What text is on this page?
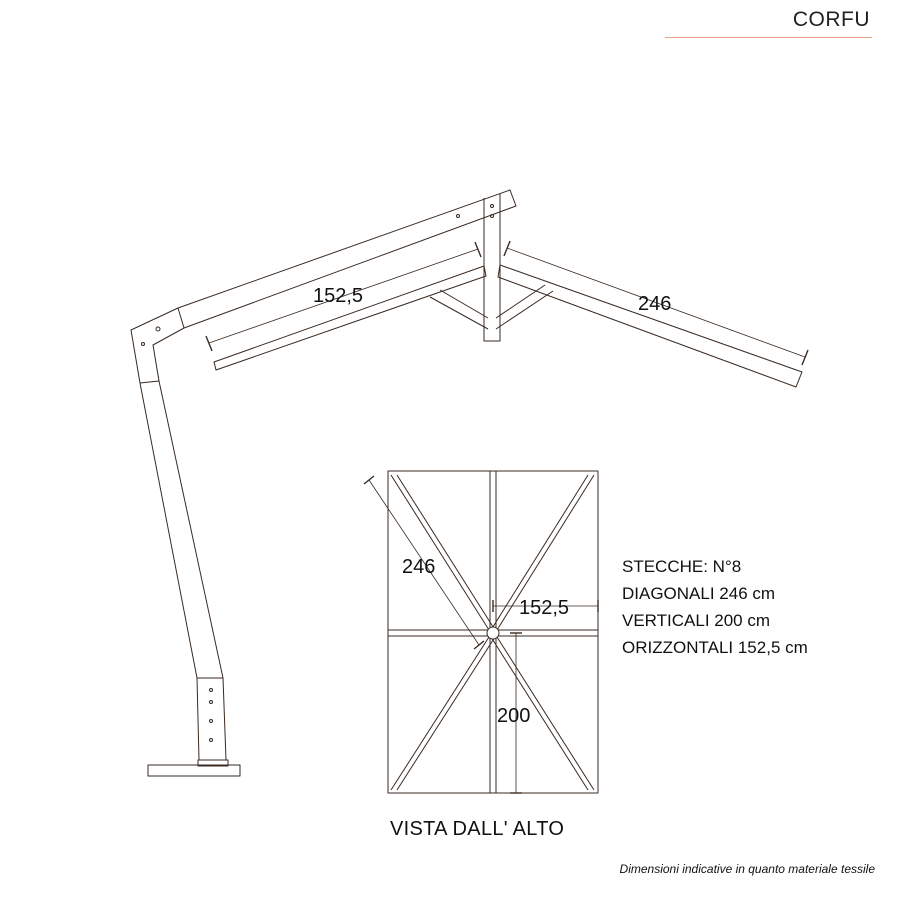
CORFU
152,5	246
246
152,5
200
STECCHE: N°8
DIAGONALI 246 cm
VERTICALI 200 cm
ORIZZONTALI 152,5 cm
VISTA DALL' ALTO
Dimensioni indicative in quanto materiale tessile
